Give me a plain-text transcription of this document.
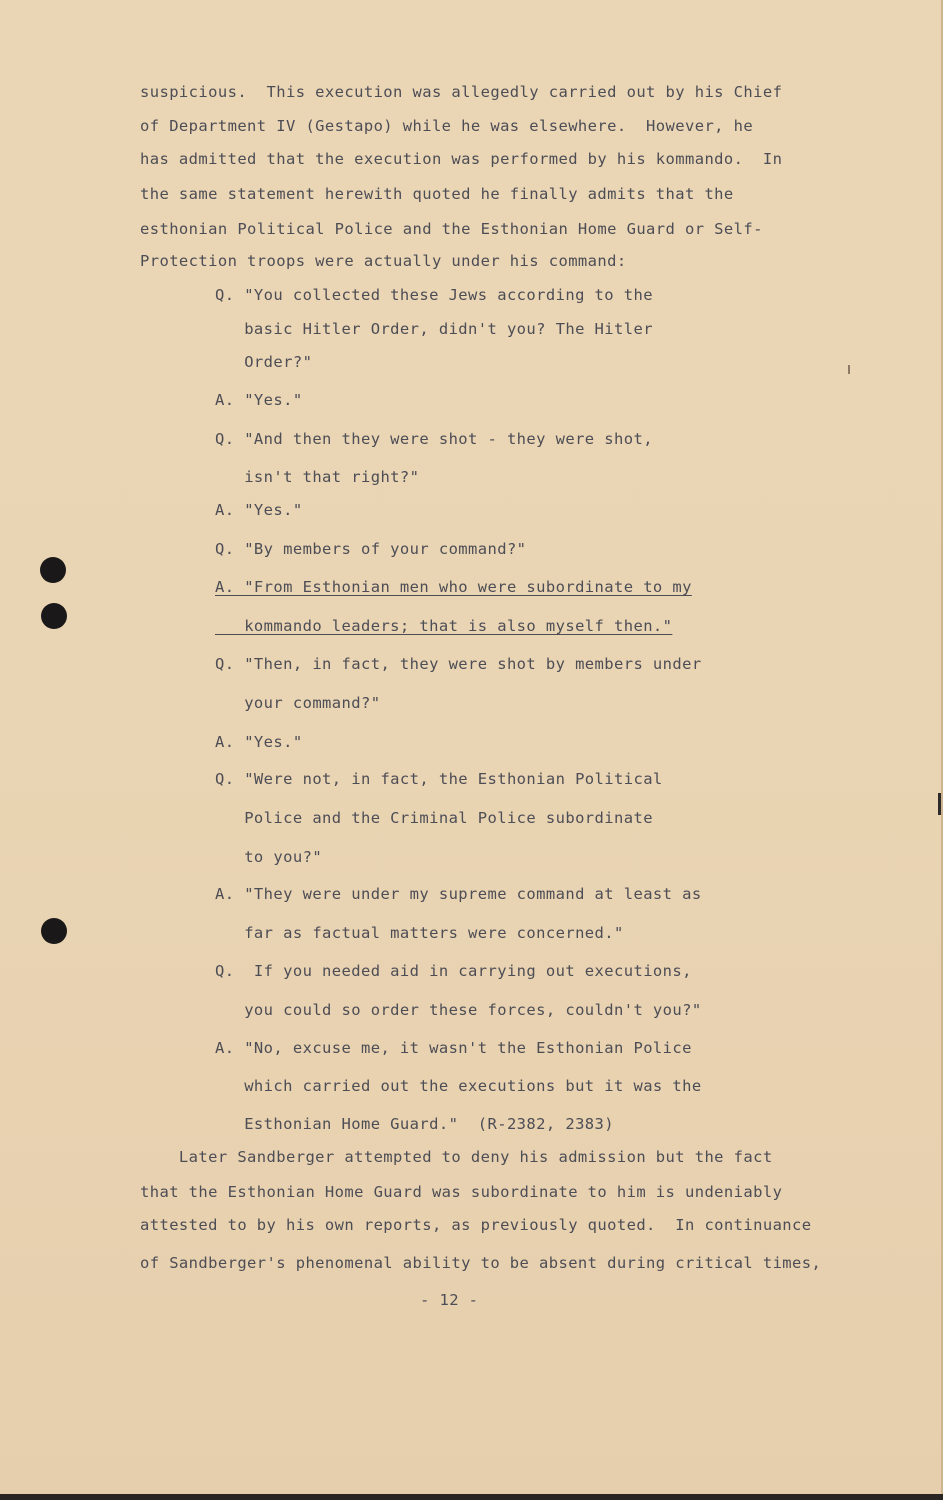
suspicious.  This execution was allegedly carried out by his Chief
of Department IV (Gestapo) while he was elsewhere.  However, he
has admitted that the execution was performed by his kommando.  In
the same statement herewith quoted he finally admits that the
esthonian Political Police and the Esthonian Home Guard or Self-
Protection troops were actually under his command:
Q. "You collected these Jews according to the
basic Hitler Order, didn't you? The Hitler
Order?"
A. "Yes."
Q. "And then they were shot - they were shot,
isn't that right?"
A. "Yes."
Q. "By members of your command?"
A. "From Esthonian men who were subordinate to my
kommando leaders; that is also myself then."
Q. "Then, in fact, they were shot by members under
your command?"
A. "Yes."
Q. "Were not, in fact, the Esthonian Political
Police and the Criminal Police subordinate
to you?"
A. "They were under my supreme command at least as
far as factual matters were concerned."
Q.  If you needed aid in carrying out executions,
you could so order these forces, couldn't you?"
A. "No, excuse me, it wasn't the Esthonian Police
which carried out the executions but it was the
Esthonian Home Guard."  (R-2382, 2383)
Later Sandberger attempted to deny his admission but the fact
that the Esthonian Home Guard was subordinate to him is undeniably
attested to by his own reports, as previously quoted.  In continuance
of Sandberger's phenomenal ability to be absent during critical times,
- 12 -
